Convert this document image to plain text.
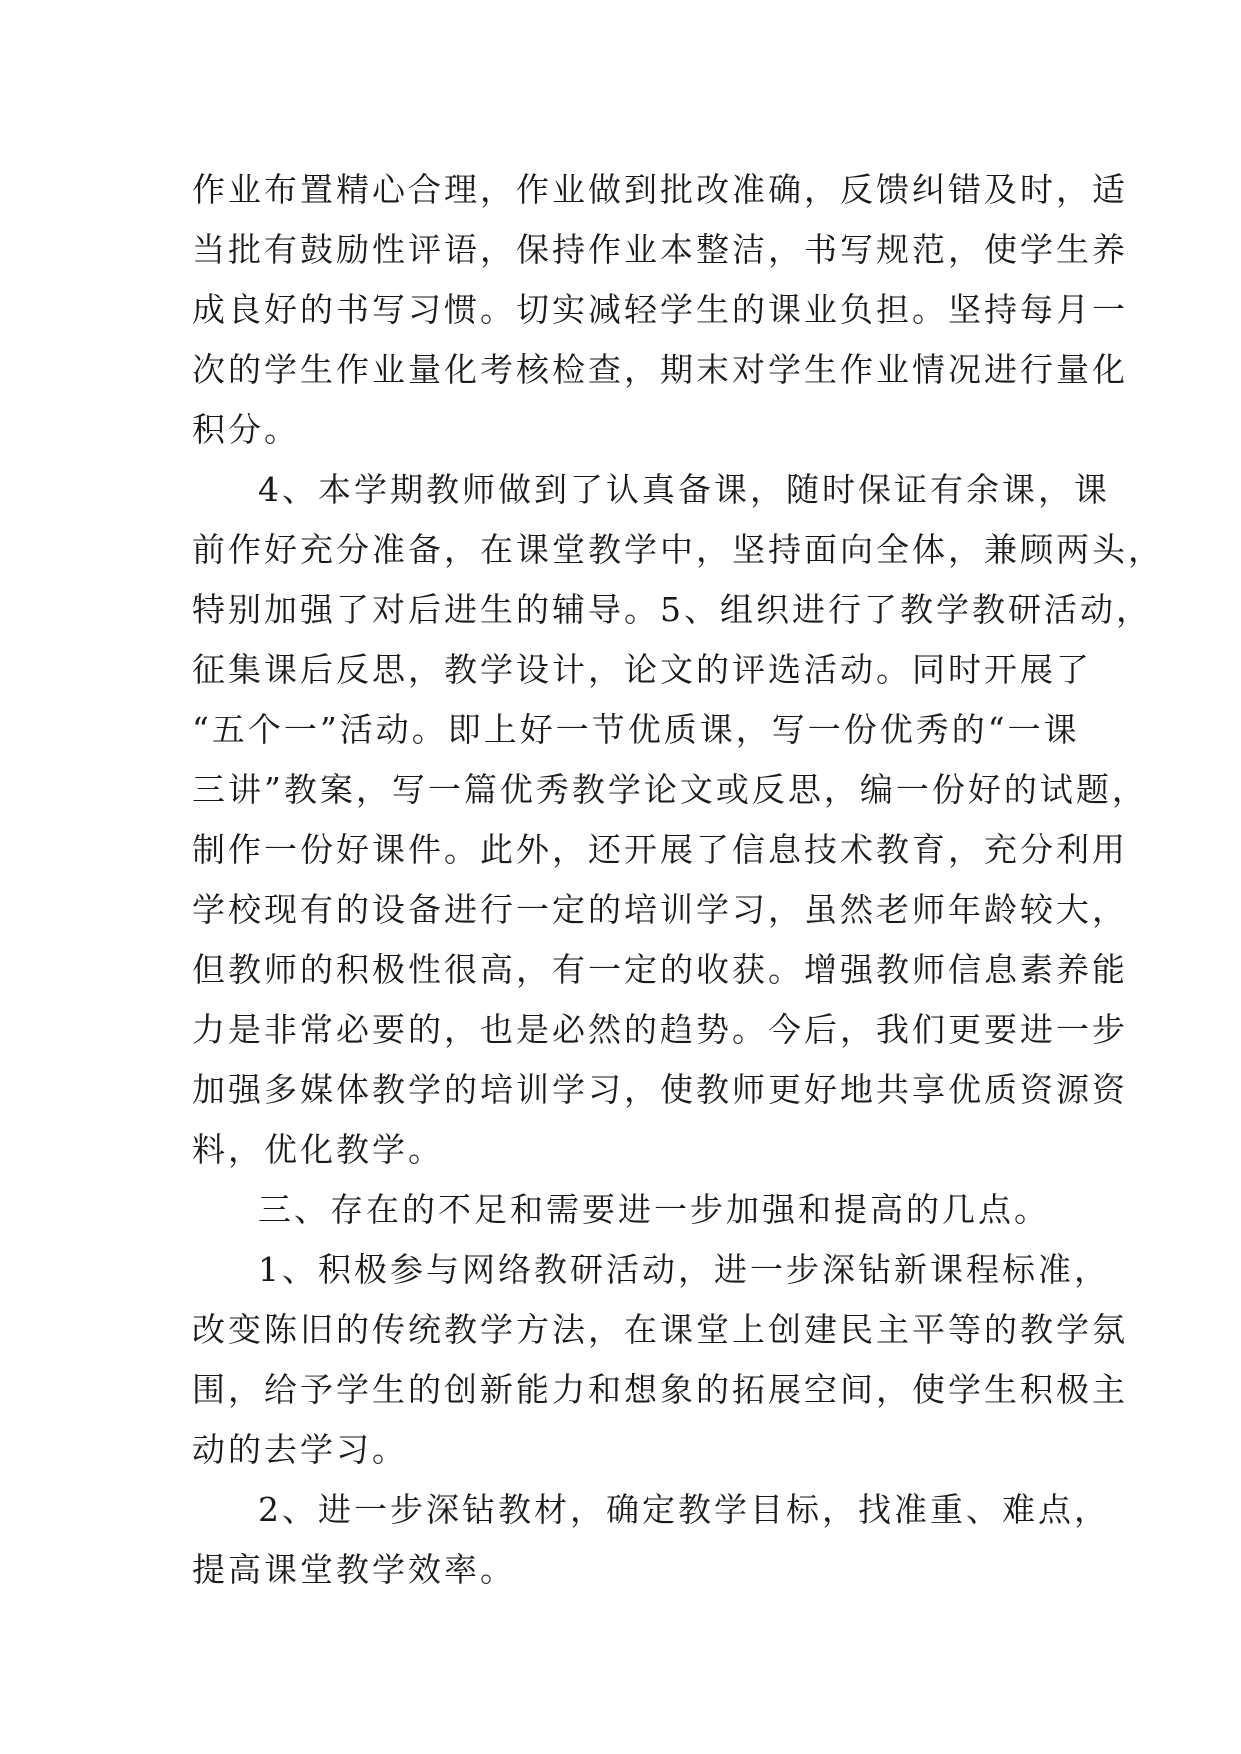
作业布置精心合理，作业做到批改准确，反馈纠错及时，适
当批有鼓励性评语，保持作业本整洁，书写规范，使学生养
成良好的书写习惯。切实减轻学生的课业负担。坚持每月一
次的学生作业量化考核检查，期末对学生作业情况进行量化
积分。
4、本学期教师做到了认真备课，随时保证有余课，课
前作好充分准备，在课堂教学中，坚持面向全体，兼顾两头，
特别加强了对后进生的辅导。5、组织进行了教学教研活动，
征集课后反思，教学设计，论文的评选活动。同时开展了
“五个一”活动。即上好一节优质课，写一份优秀的“一课
三讲”教案，写一篇优秀教学论文或反思，编一份好的试题，
制作一份好课件。此外，还开展了信息技术教育，充分利用
学校现有的设备进行一定的培训学习，虽然老师年龄较大，
但教师的积极性很高，有一定的收获。增强教师信息素养能
力是非常必要的，也是必然的趋势。今后，我们更要进一步
加强多媒体教学的培训学习，使教师更好地共享优质资源资
料，优化教学。
三、存在的不足和需要进一步加强和提高的几点。
1、积极参与网络教研活动，进一步深钻新课程标准，
改变陈旧的传统教学方法，在课堂上创建民主平等的教学氛
围，给予学生的创新能力和想象的拓展空间，使学生积极主
动的去学习。
2、进一步深钻教材，确定教学目标，找准重、难点，
提高课堂教学效率。
